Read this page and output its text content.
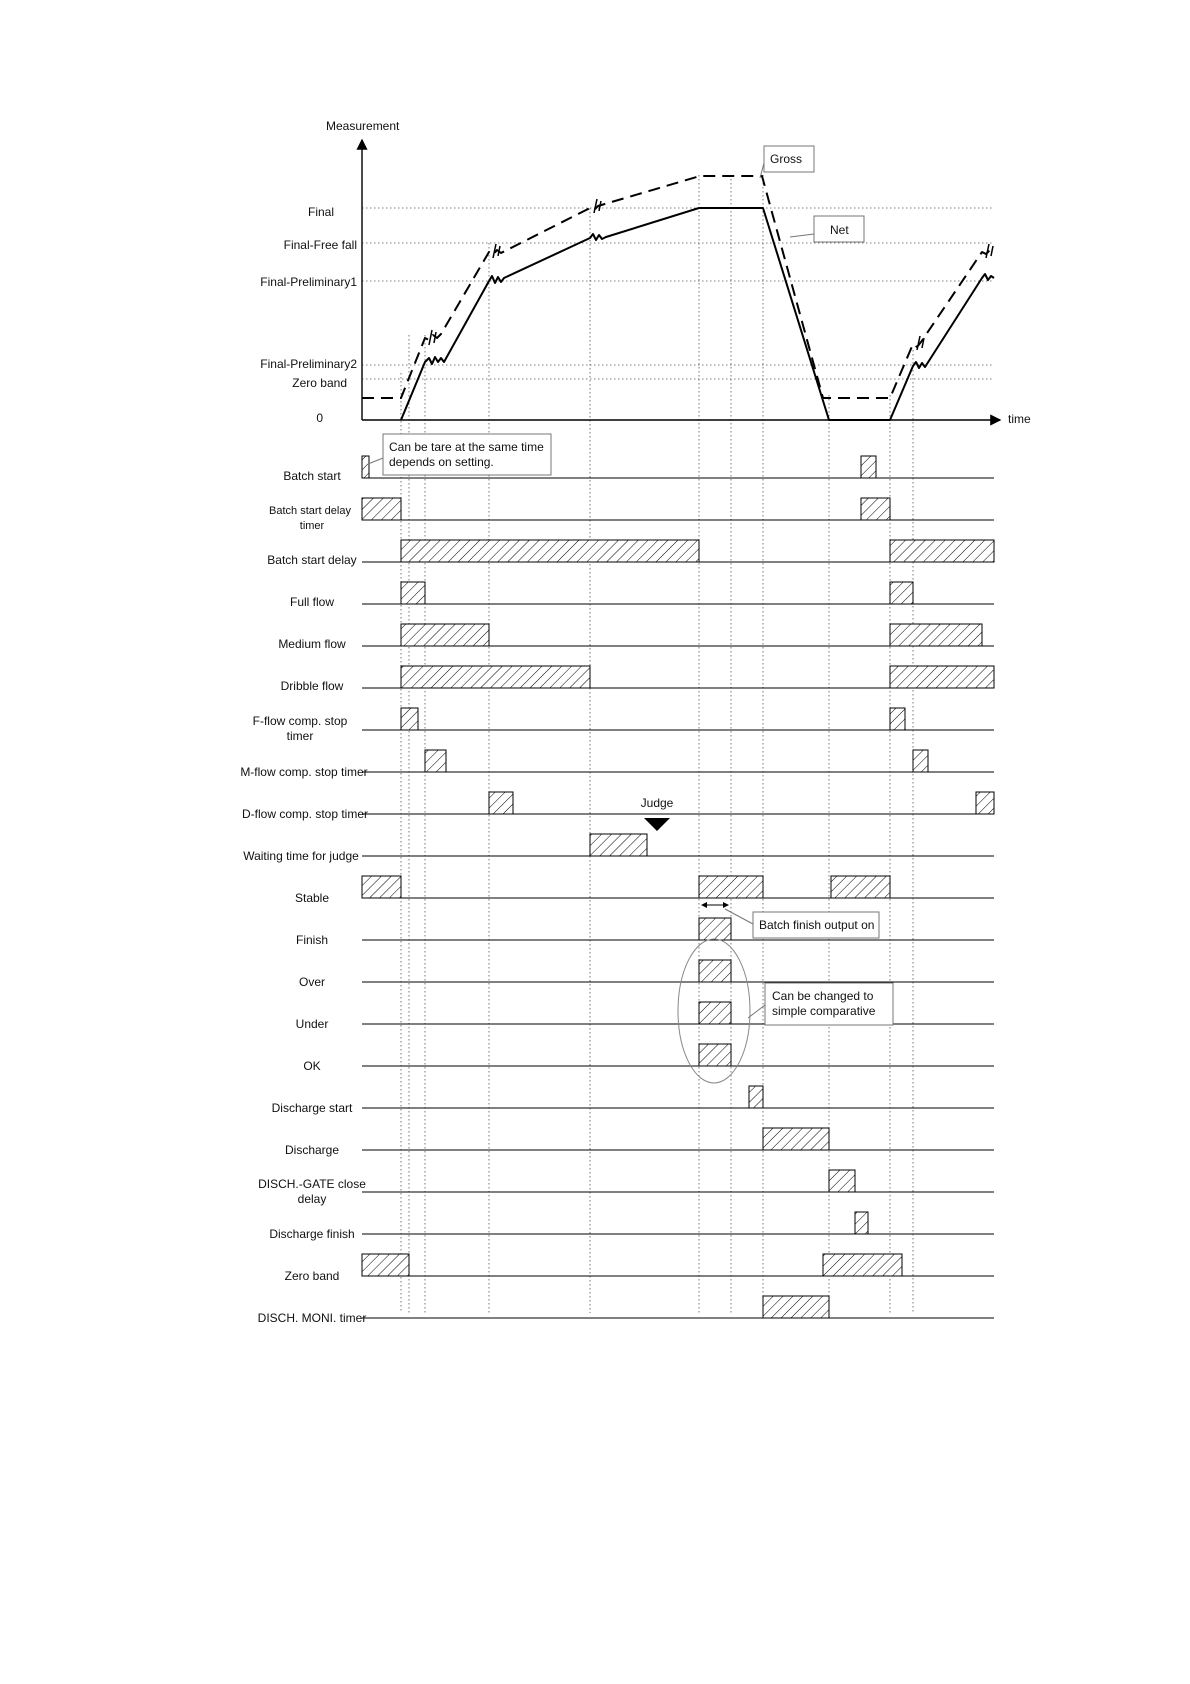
Measurement
time
Final
Final-Free fall
Final-Preliminary1
Final-Preliminary2
Zero band
0
Gross
Net
Batch start
Batch start delay
timer
Batch start delay
Full flow
Medium flow
Dribble flow
F-flow comp. stop
timer
M-flow comp. stop timer
D-flow comp. stop timer
Waiting time for judge
Stable
Finish
Over
Under
OK
Discharge start
Discharge
DISCH.-GATE close
delay
Discharge finish
Zero band
DISCH. MONI. timer
Can be tare at the same time
depends on setting.
Judge
Batch finish output on
Can be changed to
simple comparative
